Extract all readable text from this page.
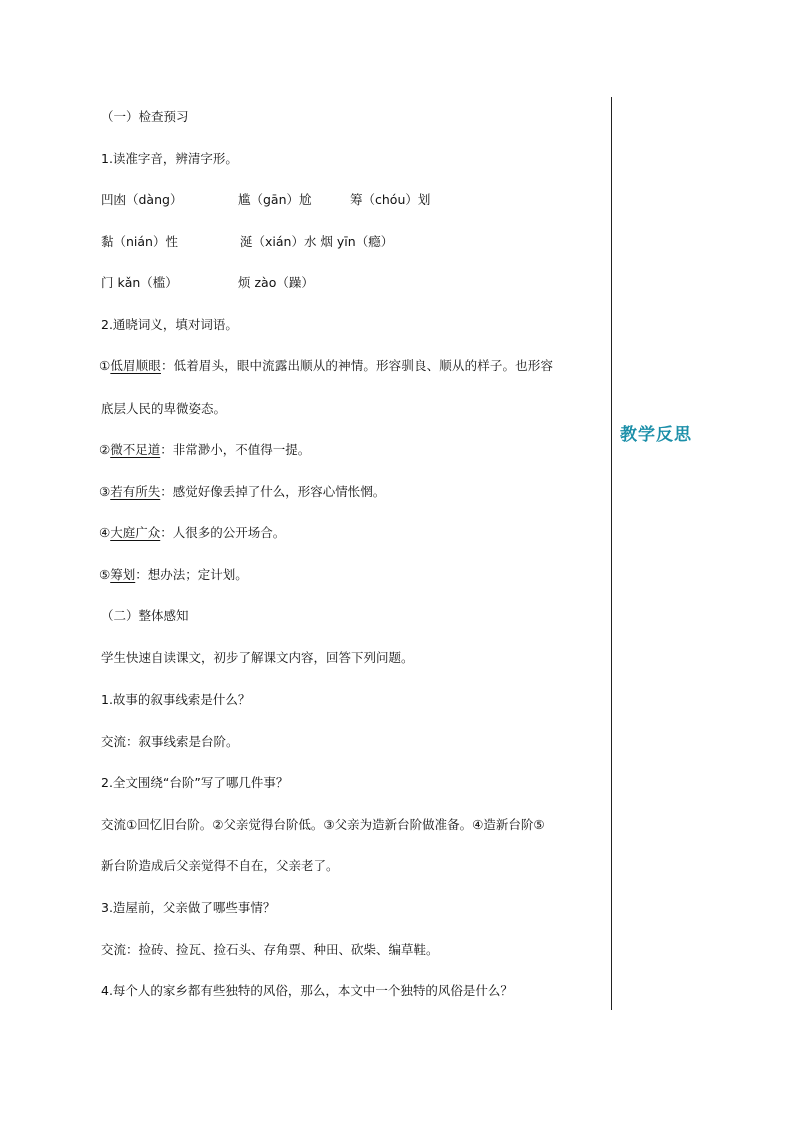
教学反思
（一）检查预习
1.读准字音，辨清字形。
凹凼（dàng）	尴（gān）尬	筹（chóu）划
黏（nián）性	涎（xián）水 烟 yīn（瘾）
门 kǎn（槛）	烦 zào（躁）
2.通晓词义，填对词语。
①低眉顺眼：低着眉头，眼中流露出顺从的神情。形容驯良、顺从的样子。也形容
底层人民的卑微姿态。
②微不足道：非常渺小，不值得一提。
③若有所失：感觉好像丢掉了什么，形容心情怅惘。
④大庭广众：人很多的公开场合。
⑤筹划：想办法；定计划。
（二）整体感知
学生快速自读课文，初步了解课文内容，回答下列问题。
1.故事的叙事线索是什么？
交流：叙事线索是台阶。
2.全文围绕“台阶”写了哪几件事？
交流①回忆旧台阶。②父亲觉得台阶低。③父亲为造新台阶做准备。④造新台阶⑤
新台阶造成后父亲觉得不自在，父亲老了。
3.造屋前，父亲做了哪些事情？
交流：捡砖、捡瓦、捡石头、存角票、种田、砍柴、编草鞋。
4.每个人的家乡都有些独特的风俗，那么，本文中一个独特的风俗是什么？
